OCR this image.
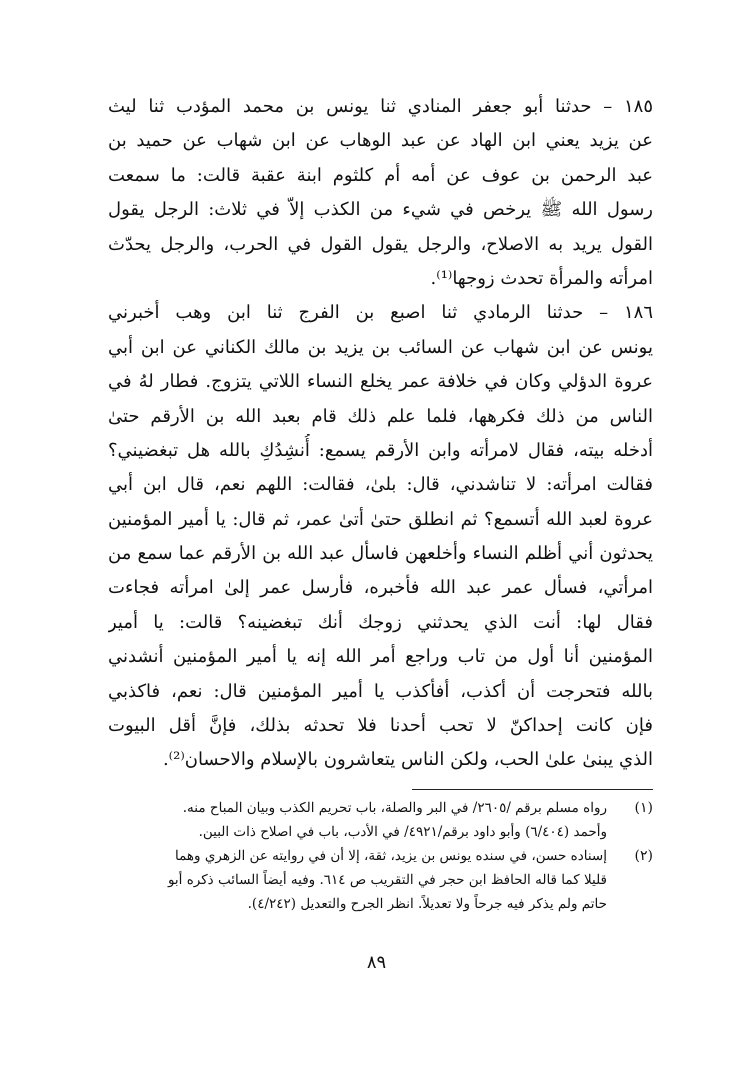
١٨٥ – حدثنا أبو جعفر المنادي ثنا يونس بن محمد المؤدب ثنا ليث
عن يزيد يعني ابن الهاد عن عبد الوهاب عن ابن شهاب عن حميد بن
عبد الرحمن بن عوف عن أمه أم كلثوم ابنة عقبة قالت: ما سمعت
رسول الله ﷺ يرخص في شيء من الكذب إلاّ في ثلاث: الرجل يقول
القول يريد به الاصلاح، والرجل يقول القول في الحرب، والرجل يحدّث
امرأته والمرأة تحدث زوجها⁽¹⁾.
١٨٦ – حدثنا الرمادي ثنا اصبع بن الفرج ثنا ابن وهب أخبرني
يونس عن ابن شهاب عن السائب بن يزيد بن مالك الكناني عن ابن أبي
عروة الدؤلي وكان في خلافة عمر يخلع النساء اللاتي يتزوج. فطار لهُ في
الناس من ذلك فكرهها، فلما علم ذلك قام بعبد الله بن الأرقم حتىٰ
أدخله بيته، فقال لامرأته وابن الأرقم يسمع: أُنشِدُكِ بالله هل تبغضيني؟
فقالت امرأته: لا تناشدني، قال: بلىٰ، فقالت: اللهم نعم، قال ابن أبي
عروة لعبد الله أتسمع؟ ثم انطلق حتىٰ أتىٰ عمر، ثم قال: يا أمير المؤمنين
يحدثون أني أظلم النساء وأخلعهن فاسأل عبد الله بن الأرقم عما سمع من
امرأتي، فسأل عمر عبد الله فأخبره، فأرسل عمر إلىٰ امرأته فجاءت
فقال لها: أنت الذي يحدثني زوجك أنك تبغضينه؟ قالت: يا أمير
المؤمنين أنا أول من تاب وراجع أمر الله إنه يا أمير المؤمنين أنشدني
بالله فتحرجت أن أكذب، أفأكذب يا أمير المؤمنين قال: نعم، فاكذبي
فإن كانت إحداكنّ لا تحب أحدنا فلا تحدثه بذلك، فإنَّ أقل البيوت
الذي يبنىٰ علىٰ الحب، ولكن الناس يتعاشرون بالإسلام والاحسان⁽²⁾.
(١)
رواه مسلم برقم /٢٦٠٥/ في البر والصلة، باب تحريم الكذب وبيان المباح منه.
وأحمد (٦/٤٠٤) وأبو داود برقم/٤٩٢١/ في الأدب، باب في اصلاح ذات البين.
(٢)
إسناده حسن، في سنده يونس بن يزيد، ثقة، إلا أن في روايته عن الزهري وهما
قليلا كما قاله الحافظ ابن حجر في التقريب ص ٦١٤. وفيه أيضاً السائب ذكره أبو
حاتم ولم يذكر فيه جرحاً ولا تعديلاً. انظر الجرح والتعديل (٤/٢٤٢).
٨٩
